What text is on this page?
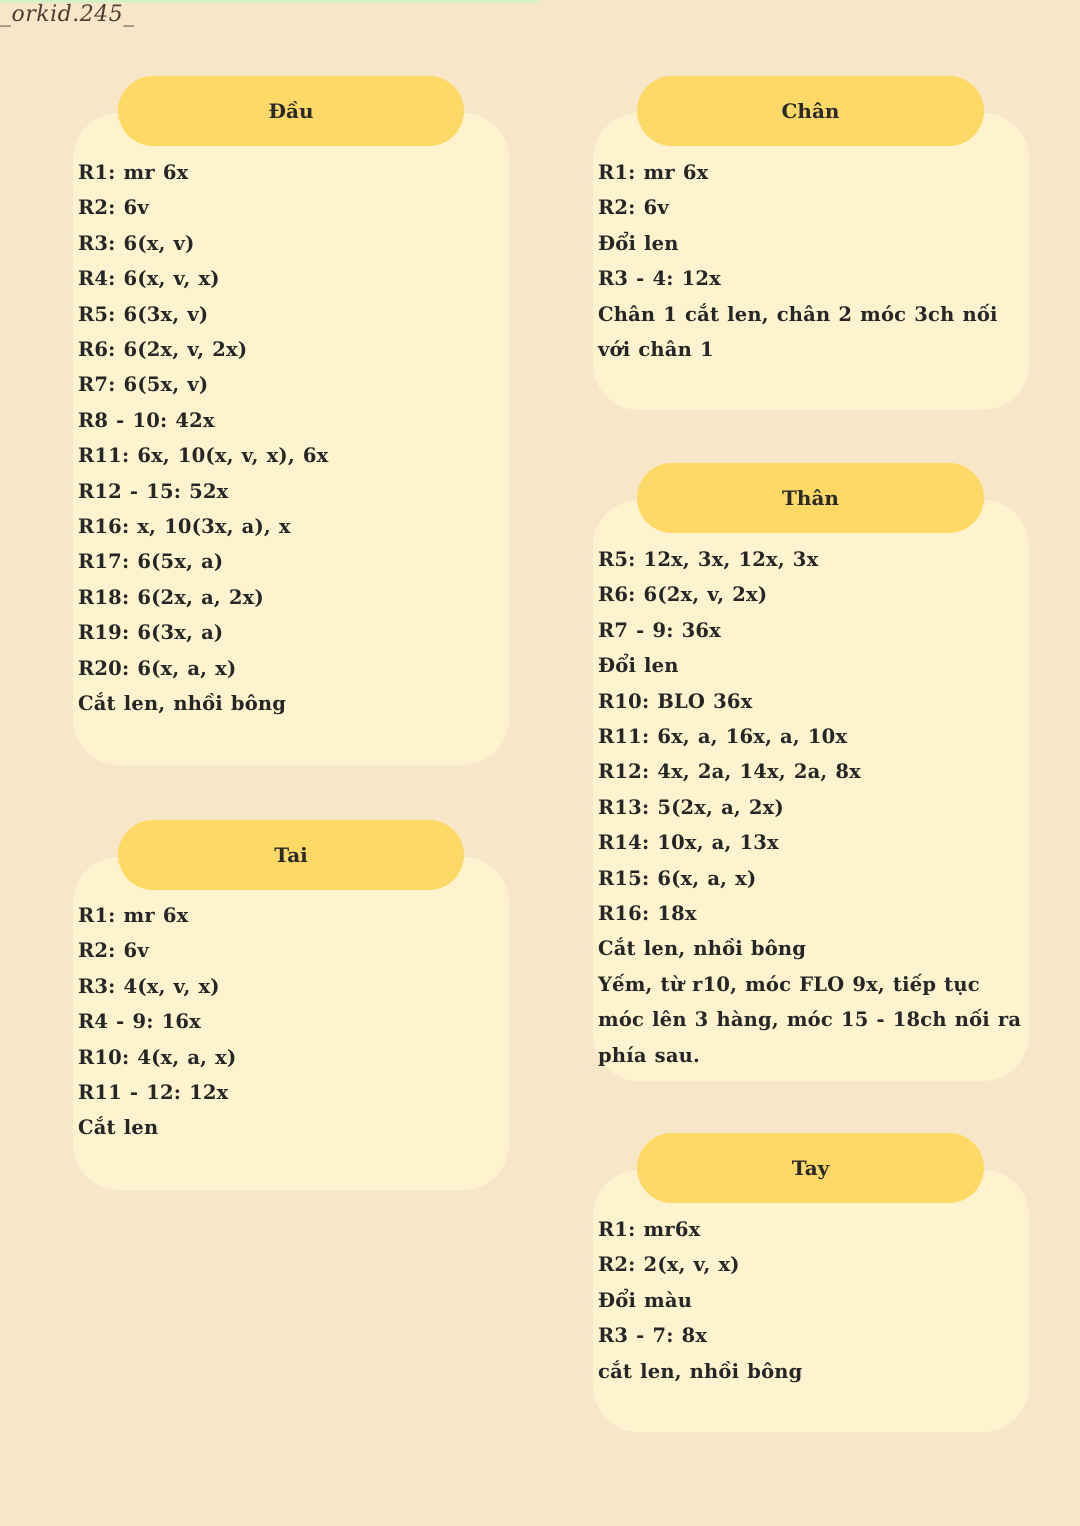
_orkid.245_
Đầu
R1: mr 6x
R2: 6v
R3: 6(x, v)
R4: 6(x, v, x)
R5: 6(3x, v)
R6: 6(2x, v, 2x)
R7: 6(5x, v)
R8 - 10: 42x
R11: 6x, 10(x, v, x), 6x
R12 - 15: 52x
R16: x, 10(3x, a), x
R17: 6(5x, a)
R18: 6(2x, a, 2x)
R19: 6(3x, a)
R20: 6(x, a, x)
Cắt len, nhồi bông
Tai
R1: mr 6x
R2: 6v
R3: 4(x, v, x)
R4 - 9: 16x
R10: 4(x, a, x)
R11 - 12: 12x
Cắt len
Chân
R1: mr 6x
R2: 6v
Đổi len
R3 - 4: 12x
Chân 1 cắt len, chân 2 móc 3ch nối với chân 1
Thân
R5: 12x, 3x, 12x, 3x
R6: 6(2x, v, 2x)
R7 - 9: 36x
Đổi len
R10: BLO 36x
R11: 6x, a, 16x, a, 10x
R12: 4x, 2a, 14x, 2a, 8x
R13: 5(2x, a, 2x)
R14: 10x, a, 13x
R15: 6(x, a, x)
R16: 18x
Cắt len, nhồi bông
Yếm, từ r10, móc FLO 9x, tiếp tục móc lên 3 hàng, móc 15 - 18ch nối ra phía sau.
Tay
R1: mr6x
R2: 2(x, v, x)
Đổi màu
R3 - 7: 8x
cắt len, nhồi bông
